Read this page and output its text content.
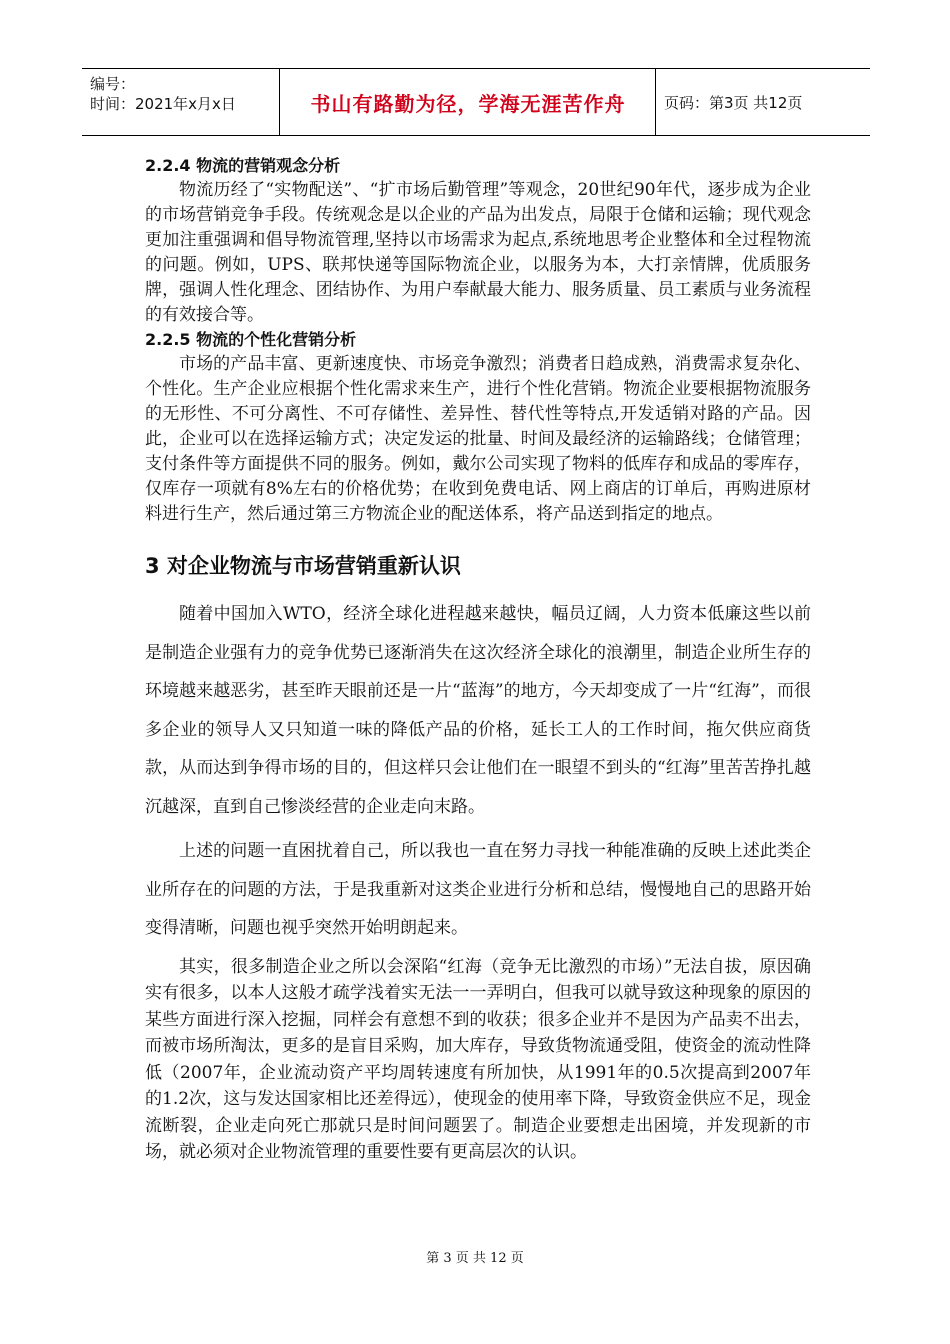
编号：
时间：2021年x月x日	书山有路勤为径，学海无涯苦作舟	页码：第3页 共12页
2.2.4 物流的营销观念分析

物流历经了“实物配送”、“扩市场后勤管理”等观念，20世纪90年代，逐步成为企业的市场营销竞争手段。传统观念是以企业的产品为出发点，局限于仓储和运输；现代观念更加注重强调和倡导物流管理,坚持以市场需求为起点,系统地思考企业整体和全过程物流的问题。例如，UPS、联邦快递等国际物流企业，以服务为本，大打亲情牌，优质服务牌，强调人性化理念、团结协作、为用户奉献最大能力、服务质量、员工素质与业务流程的有效接合等。

2.2.5 物流的个性化营销分析

市场的产品丰富、更新速度快、市场竞争激烈；消费者日趋成熟，消费需求复杂化、个性化。生产企业应根据个性化需求来生产，进行个性化营销。物流企业要根据物流服务的无形性、不可分离性、不可存储性、差异性、替代性等特点,开发适销对路的产品。因此，企业可以在选择运输方式；决定发运的批量、时间及最经济的运输路线；仓储管理；支付条件等方面提供不同的服务。例如，戴尔公司实现了物料的低库存和成品的零库存，仅库存一项就有8%左右的价格优势；在收到免费电话、网上商店的订单后，再购进原材料进行生产，然后通过第三方物流企业的配送体系，将产品送到指定的地点。

3 对企业物流与市场营销重新认识

随着中国加入WTO，经济全球化进程越来越快，幅员辽阔，人力资本低廉这些以前是制造企业强有力的竞争优势已逐渐消失在这次经济全球化的浪潮里，制造企业所生存的环境越来越恶劣，甚至昨天眼前还是一片“蓝海”的地方，今天却变成了一片“红海”，而很多企业的领导人又只知道一味的降低产品的价格，延长工人的工作时间，拖欠供应商货款，从而达到争得市场的目的，但这样只会让他们在一眼望不到头的“红海”里苦苦挣扎越沉越深，直到自己惨淡经营的企业走向末路。

上述的问题一直困扰着自己，所以我也一直在努力寻找一种能准确的反映上述此类企业所存在的问题的方法，于是我重新对这类企业进行分析和总结，慢慢地自己的思路开始变得清晰，问题也视乎突然开始明朗起来。

其实，很多制造企业之所以会深陷“红海（竞争无比激烈的市场）”无法自拔，原因确实有很多，以本人这般才疏学浅着实无法一一弄明白，但我可以就导致这种现象的原因的某些方面进行深入挖掘，同样会有意想不到的收获；很多企业并不是因为产品卖不出去，而被市场所淘汰，更多的是盲目采购，加大库存，导致货物流通受阻，使资金的流动性降低（2007年，企业流动资产平均周转速度有所加快，从1991年的0.5次提高到2007年的1.2次，这与发达国家相比还差得远），使现金的使用率下降，导致资金供应不足，现金流断裂，企业走向死亡那就只是时间问题罢了。制造企业要想走出困境，并发现新的市场，就必须对企业物流管理的重要性要有更高层次的认识。

第 3 页 共 12 页
